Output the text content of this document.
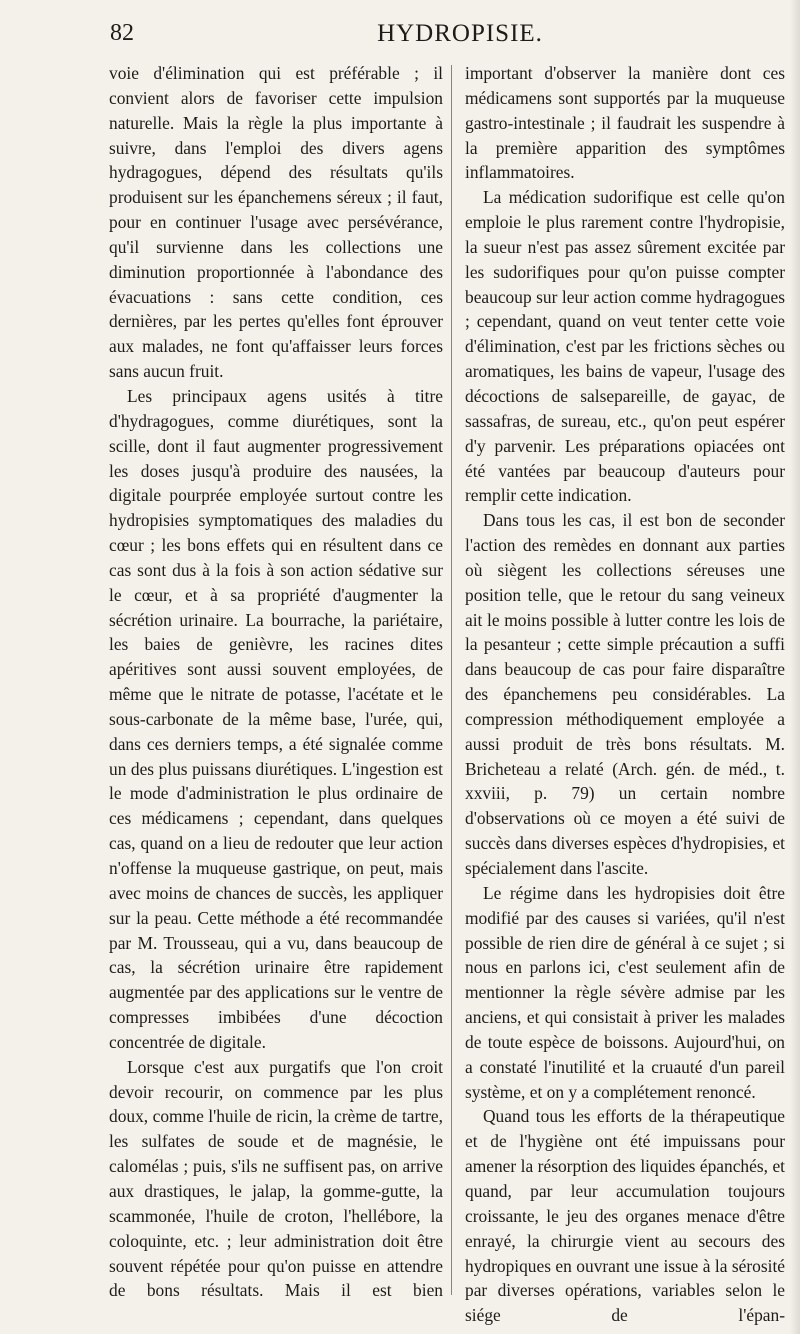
82	HYDROPISIE.

voie d'élimination qui est préférable ; il convient alors de favoriser cette impulsion naturelle. Mais la règle la plus importante à suivre, dans l'emploi des divers agens hydragogues, dépend des résultats qu'ils produisent sur les épanchemens séreux ; il faut, pour en continuer l'usage avec persévérance, qu'il survienne dans les collections une diminution proportionnée à l'abondance des évacuations : sans cette condition, ces dernières, par les pertes qu'elles font éprouver aux malades, ne font qu'affaisser leurs forces sans aucun fruit.

Les principaux agens usités à titre d'hydragogues, comme diurétiques, sont la scille, dont il faut augmenter progressivement les doses jusqu'à produire des nausées, la digitale pourprée employée surtout contre les hydropisies symptomatiques des maladies du cœur ; les bons effets qui en résultent dans ce cas sont dus à la fois à son action sédative sur le cœur, et à sa propriété d'augmenter la sécrétion urinaire. La bourrache, la pariétaire, les baies de genièvre, les racines dites apéritives sont aussi souvent employées, de même que le nitrate de potasse, l'acétate et le sous-carbonate de la même base, l'urée, qui, dans ces derniers temps, a été signalée comme un des plus puissans diurétiques. L'ingestion est le mode d'administration le plus ordinaire de ces médicamens ; cependant, dans quelques cas, quand on a lieu de redouter que leur action n'offense la muqueuse gastrique, on peut, mais avec moins de chances de succès, les appliquer sur la peau. Cette méthode a été recommandée par M. Trousseau, qui a vu, dans beaucoup de cas, la sécrétion urinaire être rapidement augmentée par des applications sur le ventre de compresses imbibées d'une décoction concentrée de digitale.

Lorsque c'est aux purgatifs que l'on croit devoir recourir, on commence par les plus doux, comme l'huile de ricin, la crème de tartre, les sulfates de soude et de magnésie, le calomélas ; puis, s'ils ne suffisent pas, on arrive aux drastiques, le jalap, la gomme-gutte, la scammonée, l'huile de croton, l'hellébore, la coloquinte, etc. ; leur administration doit être souvent répétée pour qu'on puisse en attendre de bons résultats. Mais il est bien

important d'observer la manière dont ces médicamens sont supportés par la muqueuse gastro-intestinale ; il faudrait les suspendre à la première apparition des symptômes inflammatoires.

La médication sudorifique est celle qu'on emploie le plus rarement contre l'hydropisie, la sueur n'est pas assez sûrement excitée par les sudorifiques pour qu'on puisse compter beaucoup sur leur action comme hydragogues ; cependant, quand on veut tenter cette voie d'élimination, c'est par les frictions sèches ou aromatiques, les bains de vapeur, l'usage des décoctions de salsepareille, de gayac, de sassafras, de sureau, etc., qu'on peut espérer d'y parvenir. Les préparations opiacées ont été vantées par beaucoup d'auteurs pour remplir cette indication.

Dans tous les cas, il est bon de seconder l'action des remèdes en donnant aux parties où siègent les collections séreuses une position telle, que le retour du sang veineux ait le moins possible à lutter contre les lois de la pesanteur ; cette simple précaution a suffi dans beaucoup de cas pour faire disparaître des épanchemens peu considérables. La compression méthodiquement employée a aussi produit de très bons résultats. M. Bricheteau a relaté (Arch. gén. de méd., t. xxviii, p. 79) un certain nombre d'observations où ce moyen a été suivi de succès dans diverses espèces d'hydropisies, et spécialement dans l'ascite.

Le régime dans les hydropisies doit être modifié par des causes si variées, qu'il n'est possible de rien dire de général à ce sujet ; si nous en parlons ici, c'est seulement afin de mentionner la règle sévère admise par les anciens, et qui consistait à priver les malades de toute espèce de boissons. Aujourd'hui, on a constaté l'inutilité et la cruauté d'un pareil système, et on y a complétement renoncé.

Quand tous les efforts de la thérapeutique et de l'hygiène ont été impuissans pour amener la résorption des liquides épanchés, et quand, par leur accumulation toujours croissante, le jeu des organes menace d'être enrayé, la chirurgie vient au secours des hydropiques en ouvrant une issue à la sérosité par diverses opérations, variables selon le siége de l'épan-
